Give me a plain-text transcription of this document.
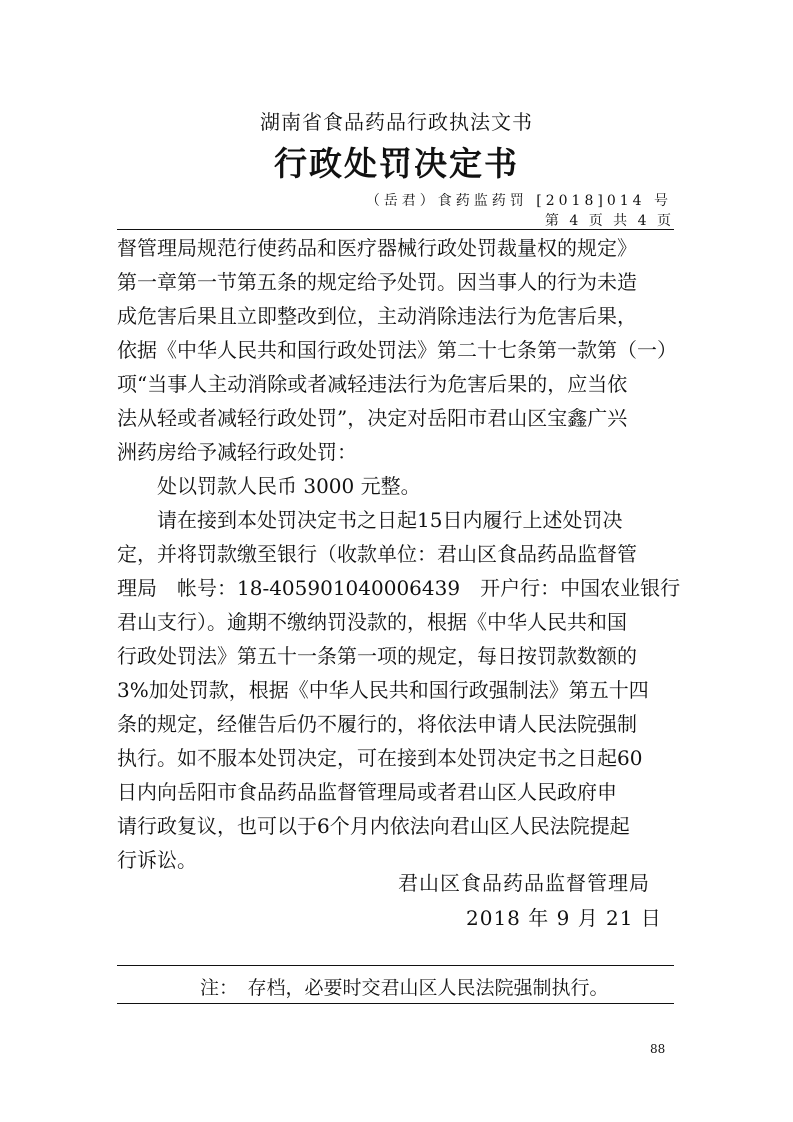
湖南省食品药品行政执法文书

行政处罚决定书

（岳君）食药监药罚 [2018]014 号

第 4 页 共 4 页

督管理局规范行使药品和医疗器械行政处罚裁量权的规定》

第一章第一节第五条的规定给予处罚。因当事人的行为未造

成危害后果且立即整改到位，主动消除违法行为危害后果，

依据《中华人民共和国行政处罚法》第二十七条第一款第（一）

项“当事人主动消除或者减轻违法行为危害后果的，应当依

法从轻或者减轻行政处罚”，决定对岳阳市君山区宝鑫广兴

洲药房给予减轻行政处罚：

　　处以罚款人民币 3000 元整。

　　请在接到本处罚决定书之日起15日内履行上述处罚决

定，并将罚款缴至银行（收款单位：君山区食品药品监督管

理局　帐号：18-405901040006439　开户行：中国农业银行

君山支行）。逾期不缴纳罚没款的，根据《中华人民共和国

行政处罚法》第五十一条第一项的规定，每日按罚款数额的

3%加处罚款，根据《中华人民共和国行政强制法》第五十四

条的规定，经催告后仍不履行的，将依法申请人民法院强制

执行。如不服本处罚决定，可在接到本处罚决定书之日起60

日内向岳阳市食品药品监督管理局或者君山区人民政府申

请行政复议，也可以于6个月内依法向君山区人民法院提起

行诉讼。

君山区食品药品监督管理局

2018 年 9 月 21 日

注：　存档，必要时交君山区人民法院强制执行。

88
